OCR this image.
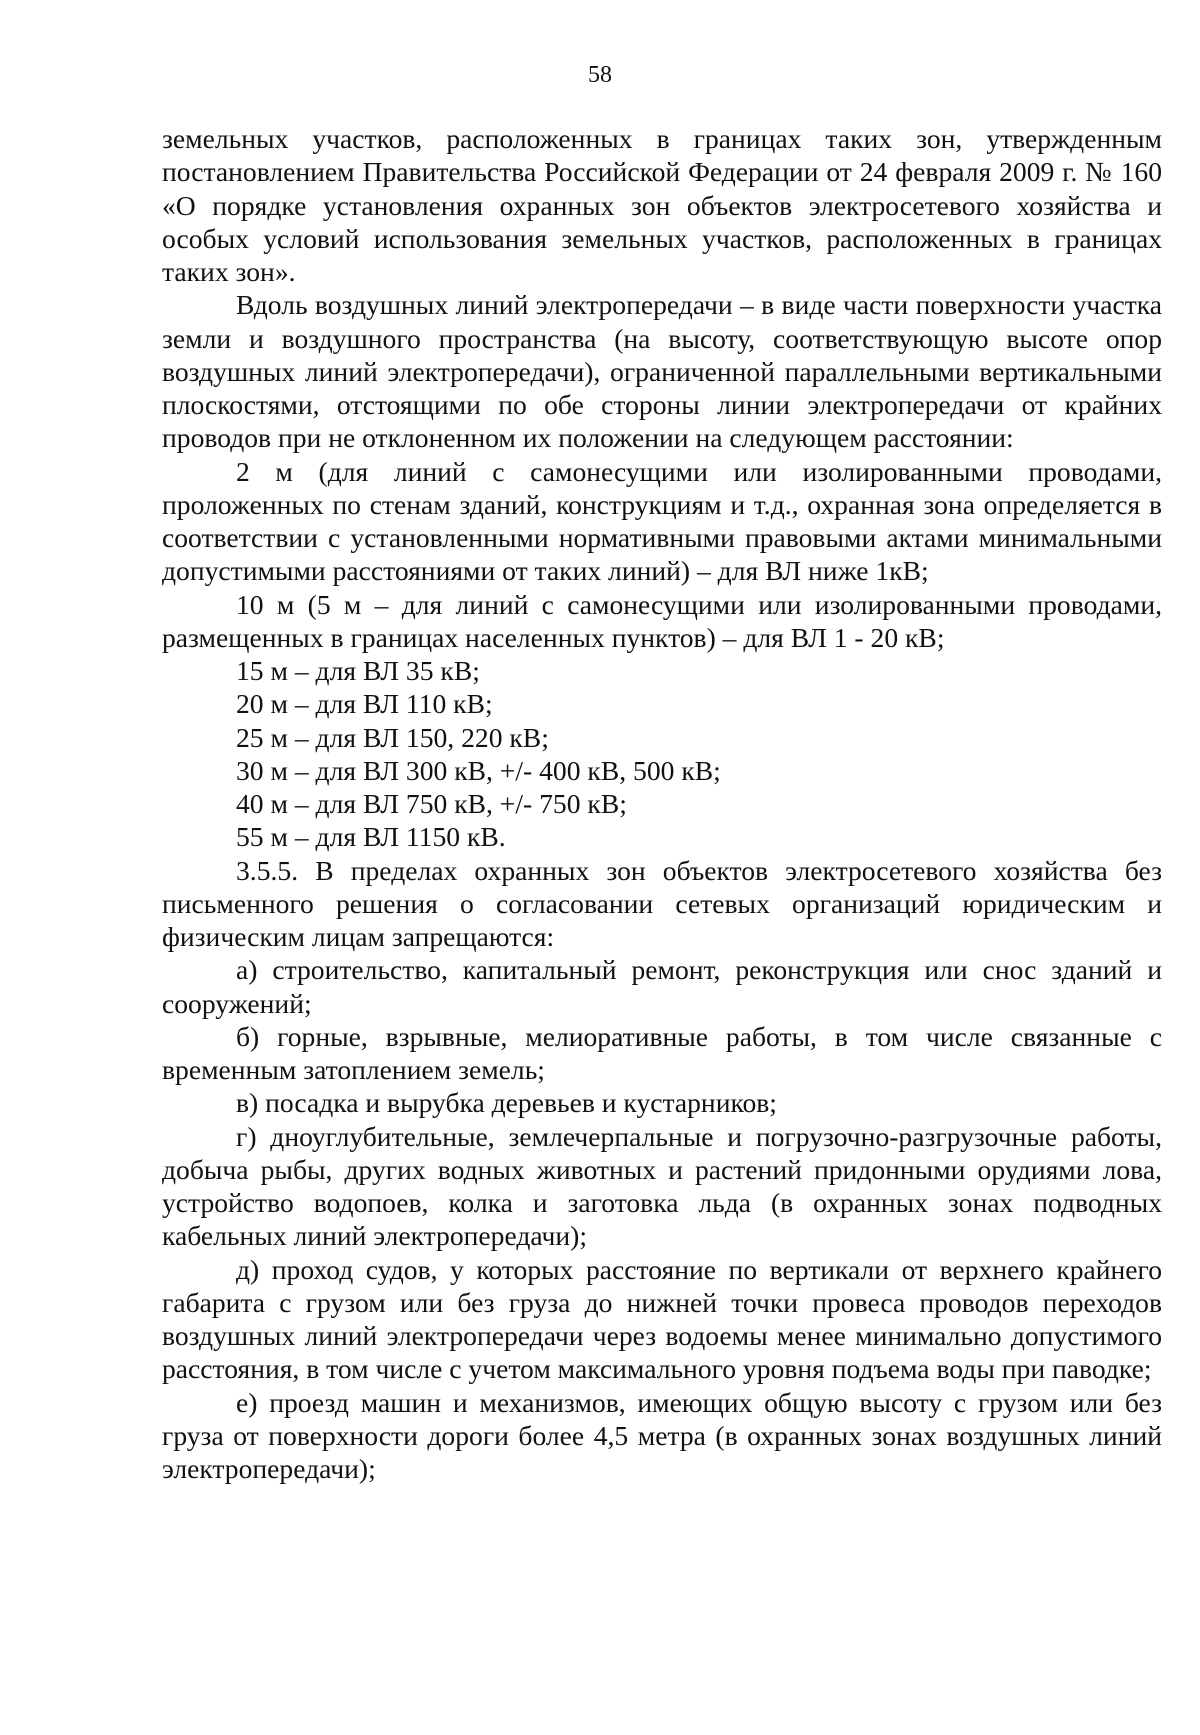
58

земельных участков, расположенных в границах таких зон, утвержденным постановлением Правительства Российской Федерации от 24 февраля 2009 г. № 160 «О порядке установления охранных зон объектов электросетевого хозяйства и особых условий использования земельных участков, расположенных в границах таких зон».

Вдоль воздушных линий электропередачи – в виде части поверхности участка земли и воздушного пространства (на высоту, соответствующую высоте опор воздушных линий электропередачи), ограниченной параллельными вертикальными плоскостями, отстоящими по обе стороны линии электропередачи от крайних проводов при не отклоненном их положении на следующем расстоянии:

2 м (для линий с самонесущими или изолированными проводами, проложенных по стенам зданий, конструкциям и т.д., охранная зона определяется в соответствии с установленными нормативными правовыми актами минимальными допустимыми расстояниями от таких линий) – для ВЛ ниже 1кВ;

10 м (5 м – для линий с самонесущими или изолированными проводами, размещенных в границах населенных пунктов) – для ВЛ 1 - 20 кВ;

15 м – для ВЛ 35 кВ;

20 м – для ВЛ 110 кВ;

25 м – для ВЛ 150, 220 кВ;

30 м – для ВЛ 300 кВ, +/- 400 кВ, 500 кВ;

40 м – для ВЛ 750 кВ, +/- 750 кВ;

55 м – для ВЛ 1150 кВ.

3.5.5. В пределах охранных зон объектов электросетевого хозяйства без письменного решения о согласовании сетевых организаций юридическим и физическим лицам запрещаются:

а) строительство, капитальный ремонт, реконструкция или снос зданий и сооружений;

б) горные, взрывные, мелиоративные работы, в том числе связанные с временным затоплением земель;

в) посадка и вырубка деревьев и кустарников;

г) дноуглубительные, землечерпальные и погрузочно-разгрузочные работы, добыча рыбы, других водных животных и растений придонными орудиями лова, устройство водопоев, колка и заготовка льда (в охранных зонах подводных кабельных линий электропередачи);

д) проход судов, у которых расстояние по вертикали от верхнего крайнего габарита с грузом или без груза до нижней точки провеса проводов переходов воздушных линий электропередачи через водоемы менее минимально допустимого расстояния, в том числе с учетом максимального уровня подъема воды при паводке;

е) проезд машин и механизмов, имеющих общую высоту с грузом или без груза от поверхности дороги более 4,5 метра (в охранных зонах воздушных линий электропередачи);
